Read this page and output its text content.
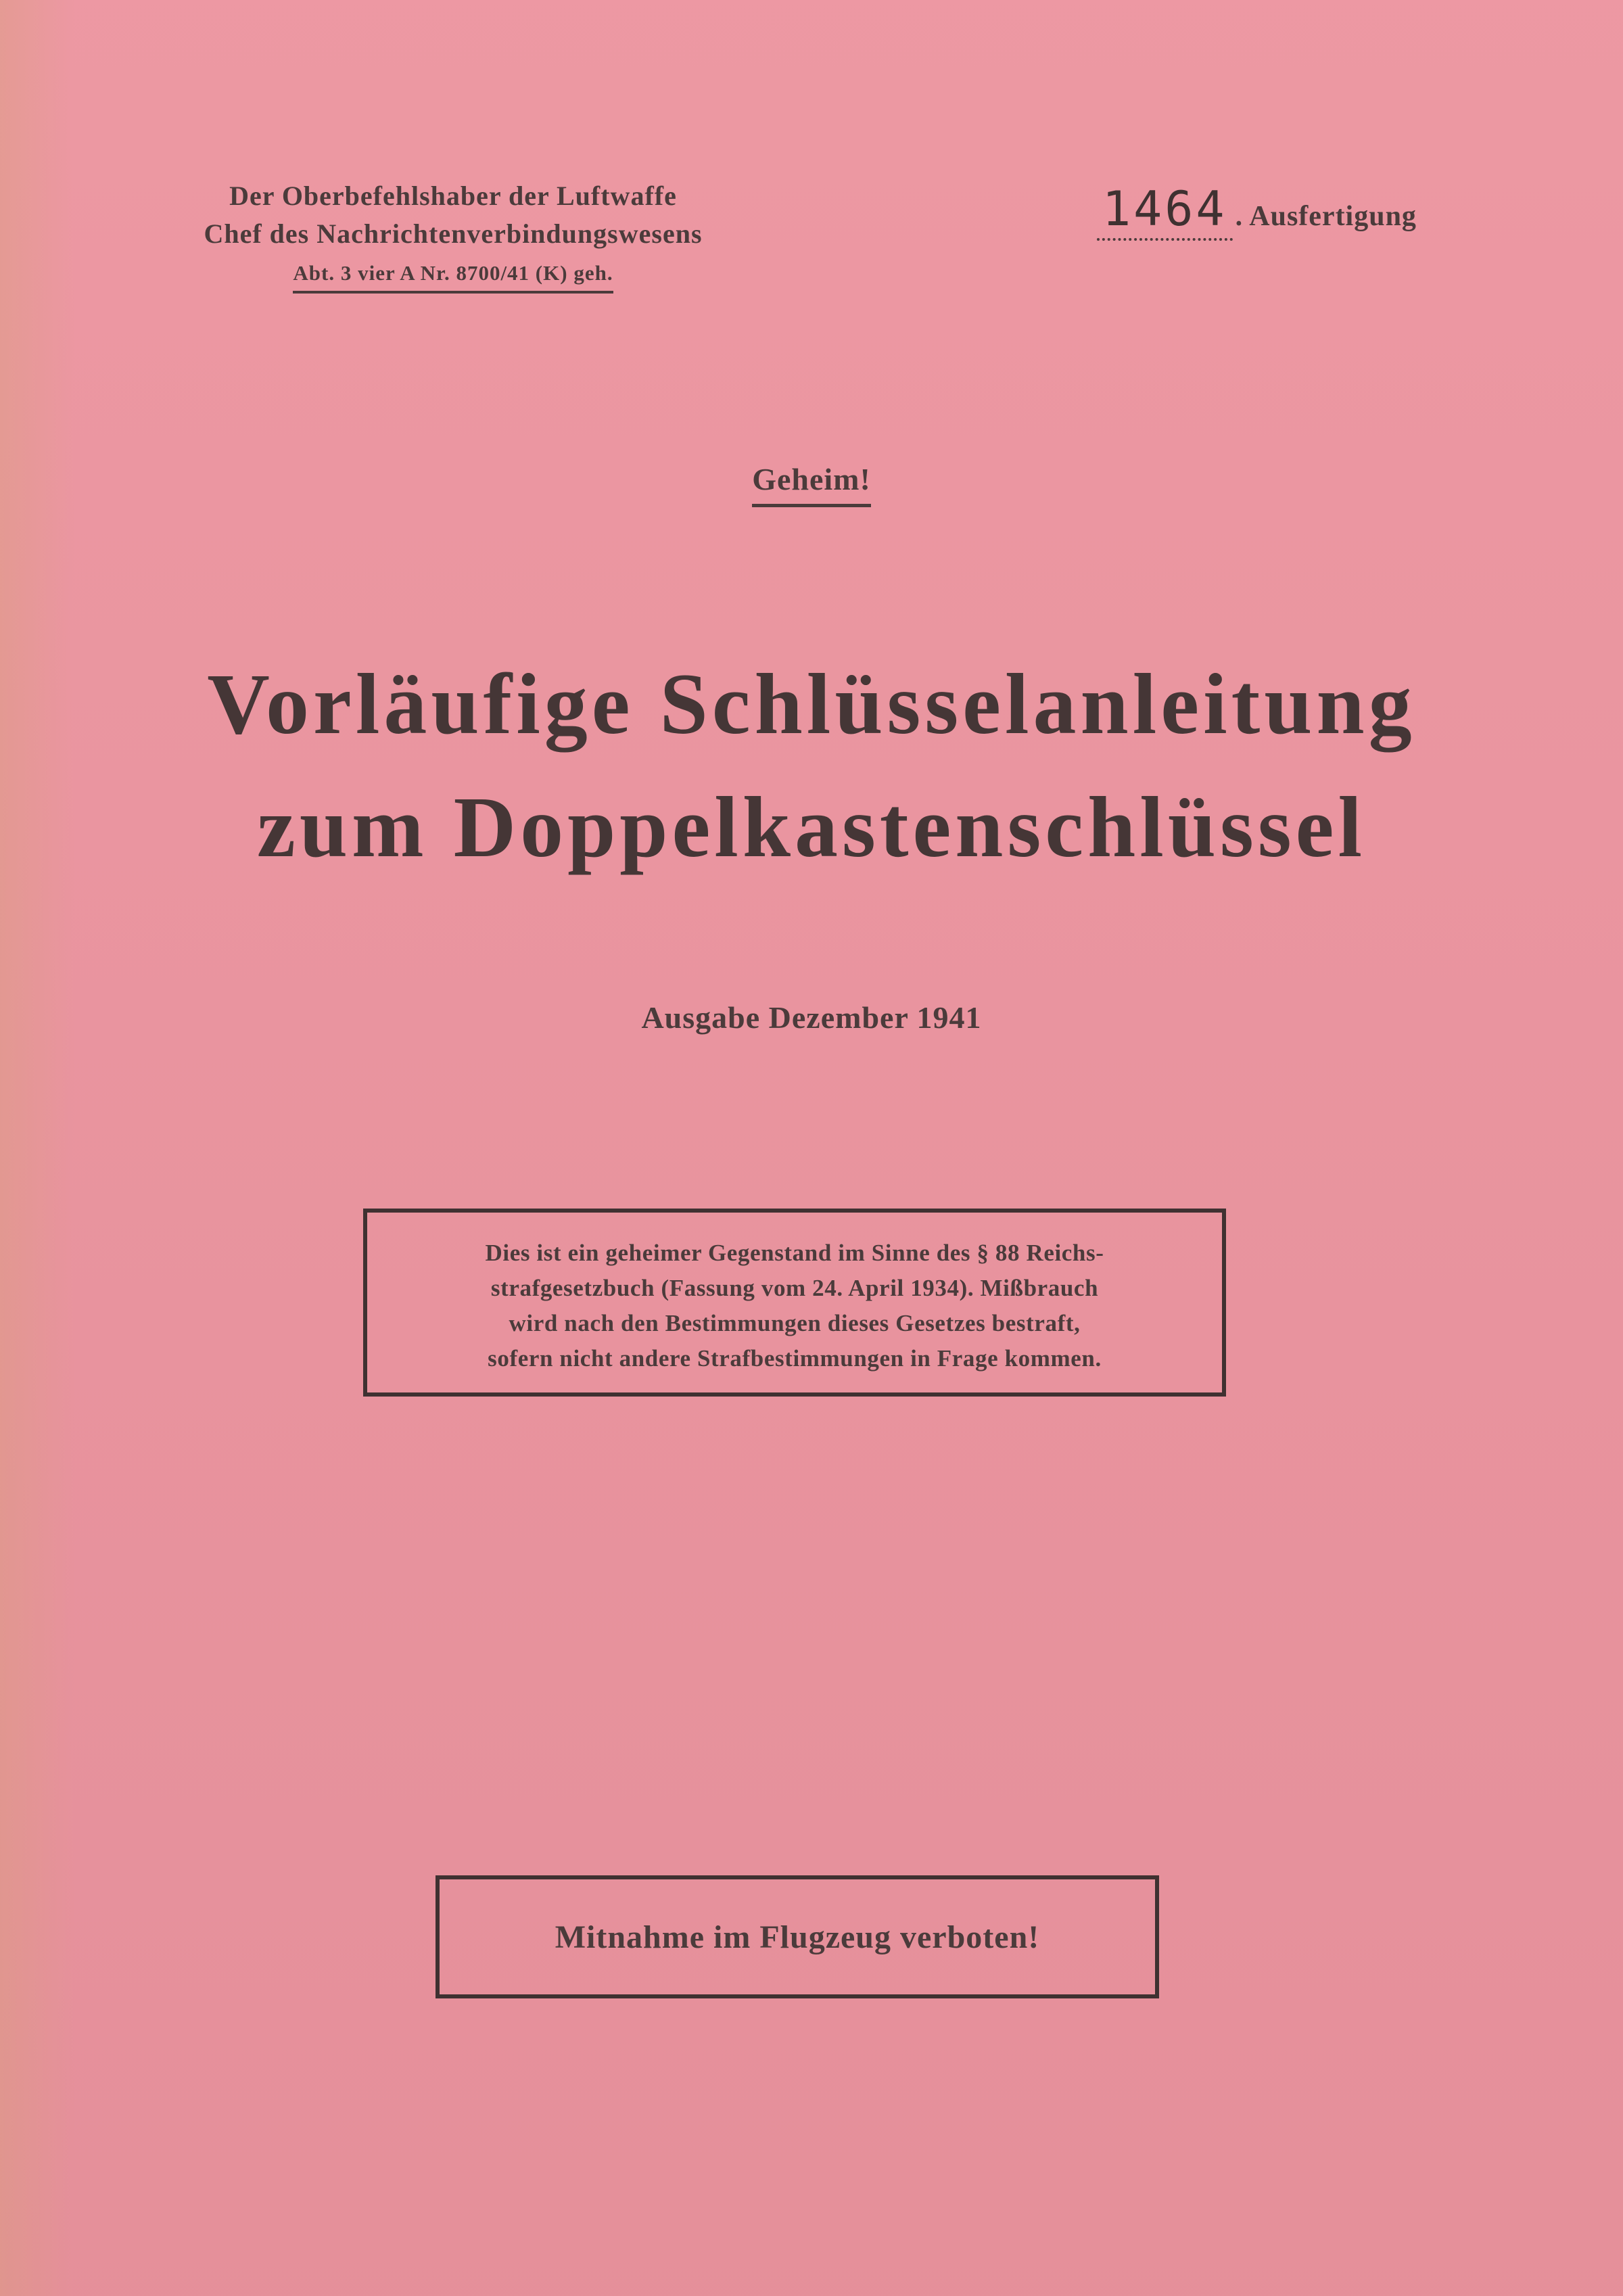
Der Oberbefehlshaber der Luftwaffe
Chef des Nachrichtenverbindungswesens
Abt. 3 vier A Nr. 8700/41 (K) geh.
1464 . Ausfertigung
Geheim!
Vorläufige Schlüsselanleitung
zum Doppelkastenschlüssel
Ausgabe Dezember 1941
Dies ist ein geheimer Gegenstand im Sinne des § 88 Reichs-
strafgesetzbuch (Fassung vom 24. April 1934). Mißbrauch
wird nach den Bestimmungen dieses Gesetzes bestraft,
sofern nicht andere Strafbestimmungen in Frage kommen.
Mitnahme im Flugzeug verboten!
